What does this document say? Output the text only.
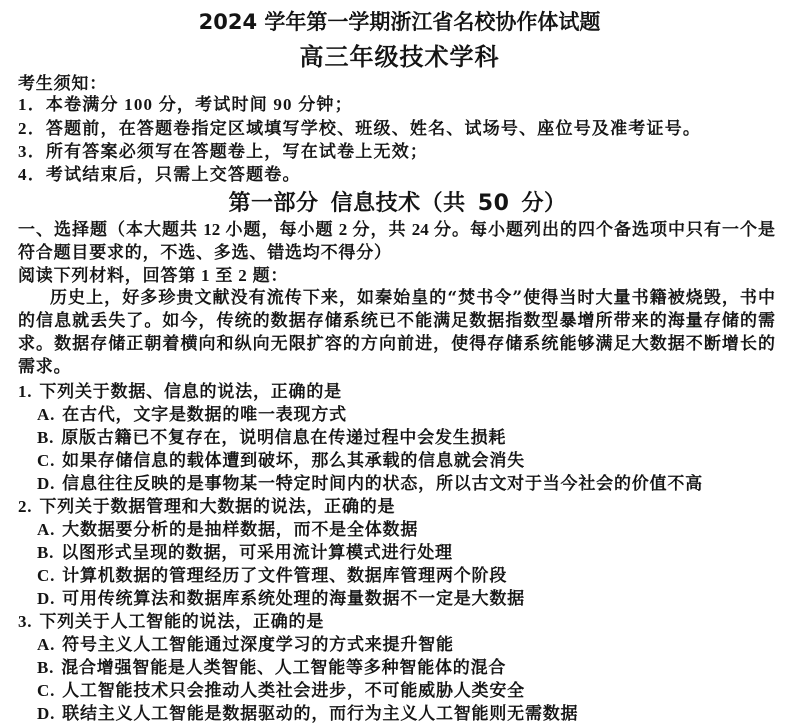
2024 学年第一学期浙江省名校协作体试题
高三年级技术学科
考生须知：
1．本卷满分 100 分，考试时间 90 分钟；
2．答题前，在答题卷指定区域填写学校、班级、姓名、试场号、座位号及准考证号。
3．所有答案必须写在答题卷上，写在试卷上无效；
4．考试结束后，只需上交答题卷。
第一部分 信息技术（共 50 分）
一、选择题（本大题共 12 小题，每小题 2 分，共 24 分。每小题列出的四个备选项中只有一个是
符合题目要求的，不选、多选、错选均不得分）
阅读下列材料，回答第 1 至 2 题：
历史上，好多珍贵文献没有流传下来，如秦始皇的“焚书令”使得当时大量书籍被烧毁，书中
的信息就丢失了。如今，传统的数据存储系统已不能满足数据指数型暴增所带来的海量存储的需
求。数据存储正朝着横向和纵向无限扩容的方向前进，使得存储系统能够满足大数据不断增长的
需求。
1. 下列关于数据、信息的说法，正确的是
A. 在古代，文字是数据的唯一表现方式
B. 原版古籍已不复存在，说明信息在传递过程中会发生损耗
C. 如果存储信息的载体遭到破坏，那么其承载的信息就会消失
D. 信息往往反映的是事物某一特定时间内的状态，所以古文对于当今社会的价值不高
2. 下列关于数据管理和大数据的说法，正确的是
A. 大数据要分析的是抽样数据，而不是全体数据
B. 以图形式呈现的数据，可采用流计算模式进行处理
C. 计算机数据的管理经历了文件管理、数据库管理两个阶段
D. 可用传统算法和数据库系统处理的海量数据不一定是大数据
3. 下列关于人工智能的说法，正确的是
A. 符号主义人工智能通过深度学习的方式来提升智能
B. 混合增强智能是人类智能、人工智能等多种智能体的混合
C. 人工智能技术只会推动人类社会进步，不可能威胁人类安全
D. 联结主义人工智能是数据驱动的，而行为主义人工智能则无需数据
